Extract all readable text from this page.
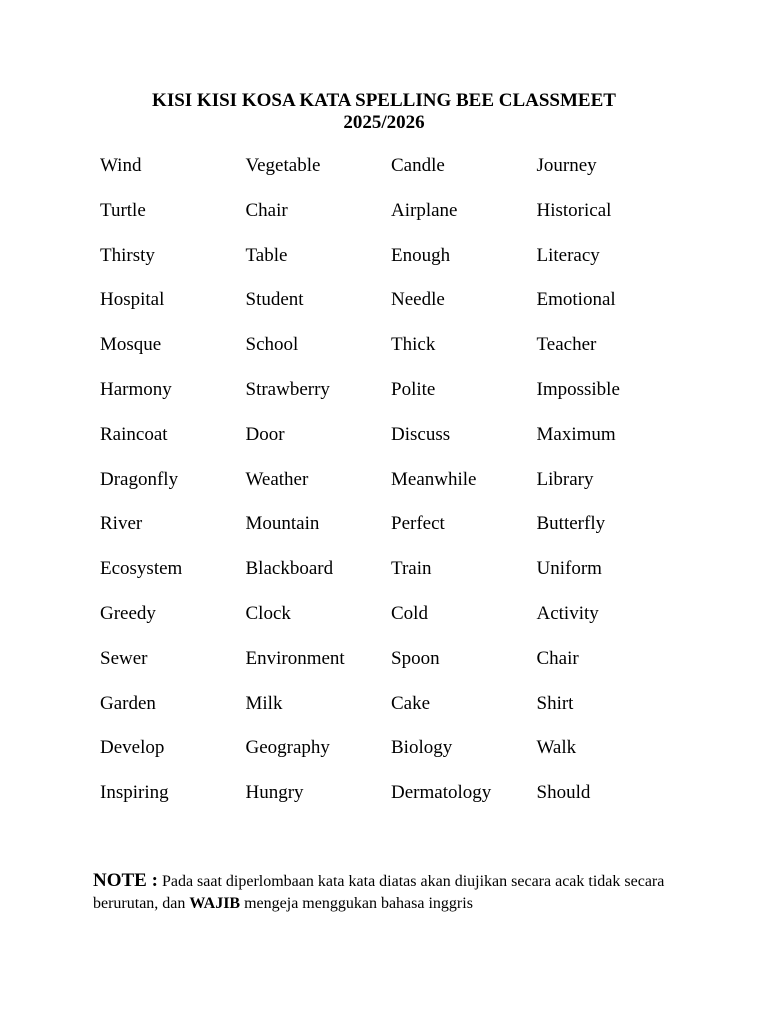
KISI KISI KOSA KATA SPELLING BEE CLASSMEET
2025/2026
Wind	Vegetable	Candle	Journey
Turtle	Chair	Airplane	Historical
Thirsty	Table	Enough	Literacy
Hospital	Student	Needle	Emotional
Mosque	School	Thick	Teacher
Harmony	Strawberry	Polite	Impossible
Raincoat	Door	Discuss	Maximum
Dragonfly	Weather	Meanwhile	Library
River	Mountain	Perfect	Butterfly
Ecosystem	Blackboard	Train	Uniform
Greedy	Clock	Cold	Activity
Sewer	Environment	Spoon	Chair
Garden	Milk	Cake	Shirt
Develop	Geography	Biology	Walk
Inspiring	Hungry	Dermatology	Should
NOTE : Pada saat diperlombaan kata kata diatas akan diujikan secara acak tidak secara berurutan, dan WAJIB mengeja menggukan bahasa inggris
